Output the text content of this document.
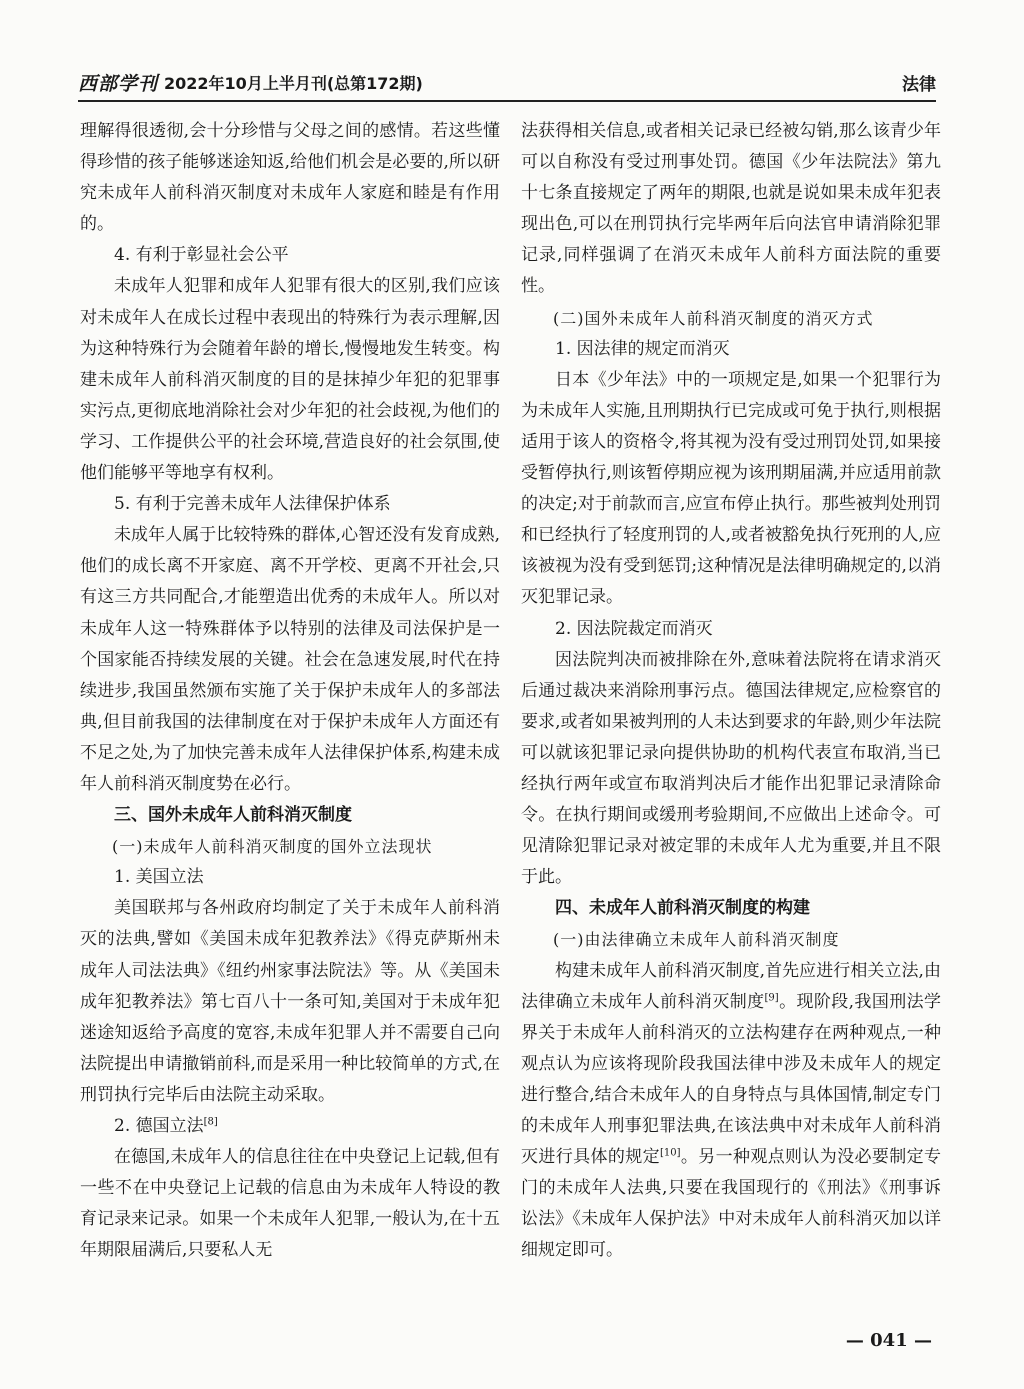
西部学刊 2022年10月上半月刊(总第172期)	法律

理解得很透彻,会十分珍惜与父母之间的感情。若这些懂得珍惜的孩子能够迷途知返,给他们机会是必要的,所以研究未成年人前科消灭制度对未成年人家庭和睦是有作用的。

4. 有利于彰显社会公平

未成年人犯罪和成年人犯罪有很大的区别,我们应该对未成年人在成长过程中表现出的特殊行为表示理解,因为这种特殊行为会随着年龄的增长,慢慢地发生转变。构建未成年人前科消灭制度的目的是抹掉少年犯的犯罪事实污点,更彻底地消除社会对少年犯的社会歧视,为他们的学习、工作提供公平的社会环境,营造良好的社会氛围,使他们能够平等地享有权利。

5. 有利于完善未成年人法律保护体系

未成年人属于比较特殊的群体,心智还没有发育成熟,他们的成长离不开家庭、离不开学校、更离不开社会,只有这三方共同配合,才能塑造出优秀的未成年人。所以对未成年人这一特殊群体予以特别的法律及司法保护是一个国家能否持续发展的关键。社会在急速发展,时代在持续进步,我国虽然颁布实施了关于保护未成年人的多部法典,但目前我国的法律制度在对于保护未成年人方面还有不足之处,为了加快完善未成年人法律保护体系,构建未成年人前科消灭制度势在必行。

三、国外未成年人前科消灭制度

(一)未成年人前科消灭制度的国外立法现状

1. 美国立法

美国联邦与各州政府均制定了关于未成年人前科消灭的法典,譬如《美国未成年犯教养法》《得克萨斯州未成年人司法法典》《纽约州家事法院法》等。从《美国未成年犯教养法》第七百八十一条可知,美国对于未成年犯迷途知返给予高度的宽容,未成年犯罪人并不需要自己向法院提出申请撤销前科,而是采用一种比较简单的方式,在刑罚执行完毕后由法院主动采取。

2. 德国立法[8]

在德国,未成年人的信息往往在中央登记上记载,但有一些不在中央登记上记载的信息由为未成年人特设的教育记录来记录。如果一个未成年人犯罪,一般认为,在十五年期限届满后,只要私人无

法获得相关信息,或者相关记录已经被勾销,那么该青少年可以自称没有受过刑事处罚。德国《少年法院法》第九十七条直接规定了两年的期限,也就是说如果未成年犯表现出色,可以在刑罚执行完毕两年后向法官申请消除犯罪记录,同样强调了在消灭未成年人前科方面法院的重要性。

(二)国外未成年人前科消灭制度的消灭方式

1. 因法律的规定而消灭

日本《少年法》中的一项规定是,如果一个犯罪行为为未成年人实施,且刑期执行已完成或可免于执行,则根据适用于该人的资格令,将其视为没有受过刑罚处罚,如果接受暂停执行,则该暂停期应视为该刑期届满,并应适用前款的决定;对于前款而言,应宣布停止执行。那些被判处刑罚和已经执行了轻度刑罚的人,或者被豁免执行死刑的人,应该被视为没有受到惩罚;这种情况是法律明确规定的,以消灭犯罪记录。

2. 因法院裁定而消灭

因法院判决而被排除在外,意味着法院将在请求消灭后通过裁决来消除刑事污点。德国法律规定,应检察官的要求,或者如果被判刑的人未达到要求的年龄,则少年法院可以就该犯罪记录向提供协助的机构代表宣布取消,当已经执行两年或宣布取消判决后才能作出犯罪记录清除命令。在执行期间或缓刑考验期间,不应做出上述命令。可见清除犯罪记录对被定罪的未成年人尤为重要,并且不限于此。

四、未成年人前科消灭制度的构建

(一)由法律确立未成年人前科消灭制度

构建未成年人前科消灭制度,首先应进行相关立法,由法律确立未成年人前科消灭制度[9]。现阶段,我国刑法学界关于未成年人前科消灭的立法构建存在两种观点,一种观点认为应该将现阶段我国法律中涉及未成年人的规定进行整合,结合未成年人的自身特点与具体国情,制定专门的未成年人刑事犯罪法典,在该法典中对未成年人前科消灭进行具体的规定[10]。另一种观点则认为没必要制定专门的未成年人法典,只要在我国现行的《刑法》《刑事诉讼法》《未成年人保护法》中对未成年人前科消灭加以详细规定即可。

— 041 —
